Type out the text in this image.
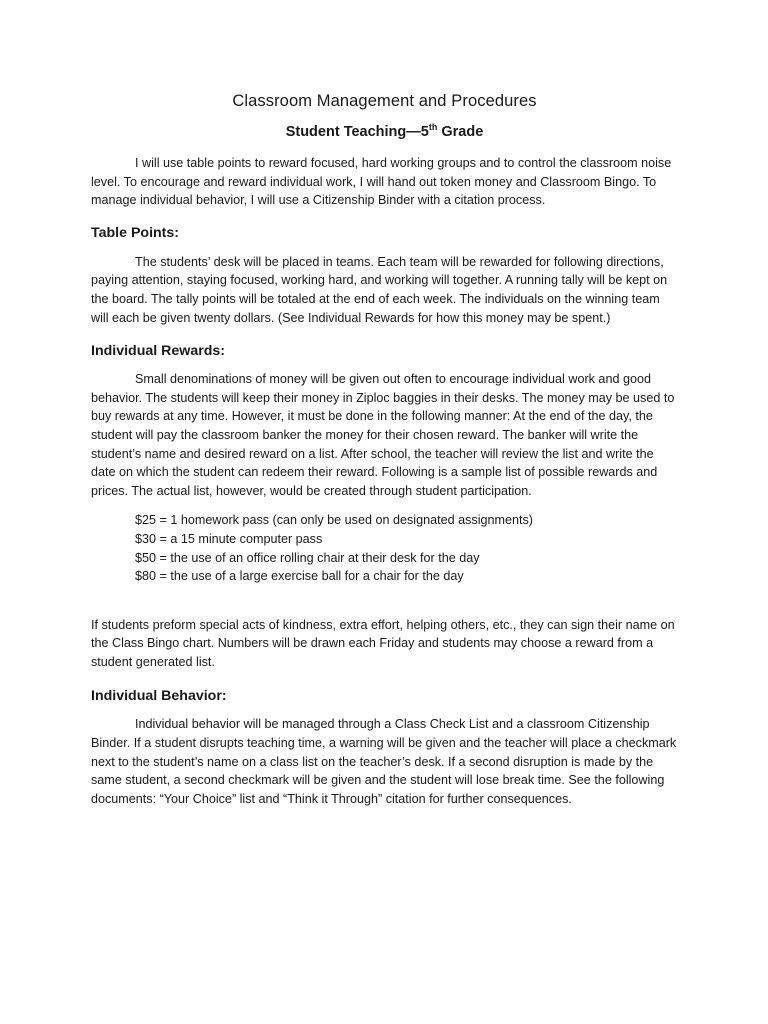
Classroom Management and Procedures
Student Teaching—5th Grade

I will use table points to reward focused, hard working groups and to control the classroom noise level. To encourage and reward individual work, I will hand out token money and Classroom Bingo. To manage individual behavior, I will use a Citizenship Binder with a citation process.

Table Points:

The students’ desk will be placed in teams. Each team will be rewarded for following directions, paying attention, staying focused, working hard, and working will together. A running tally will be kept on the board. The tally points will be totaled at the end of each week. The individuals on the winning team will each be given twenty dollars. (See Individual Rewards for how this money may be spent.)

Individual Rewards:

Small denominations of money will be given out often to encourage individual work and good behavior. The students will keep their money in Ziploc baggies in their desks. The money may be used to buy rewards at any time. However, it must be done in the following manner: At the end of the day, the student will pay the classroom banker the money for their chosen reward. The banker will write the student’s name and desired reward on a list. After school, the teacher will review the list and write the date on which the student can redeem their reward. Following is a sample list of possible rewards and prices. The actual list, however, would be created through student participation.

$25 = 1 homework pass (can only be used on designated assignments)
$30 = a 15 minute computer pass
$50 = the use of an office rolling chair at their desk for the day
$80 = the use of a large exercise ball for a chair for the day

If students preform special acts of kindness, extra effort, helping others, etc., they can sign their name on the Class Bingo chart. Numbers will be drawn each Friday and students may choose a reward from a student generated list.

Individual Behavior:

Individual behavior will be managed through a Class Check List and a classroom Citizenship Binder. If a student disrupts teaching time, a warning will be given and the teacher will place a checkmark next to the student’s name on a class list on the teacher’s desk. If a second disruption is made by the same student, a second checkmark will be given and the student will lose break time. See the following documents: “Your Choice” list and “Think it Through” citation for further consequences.
